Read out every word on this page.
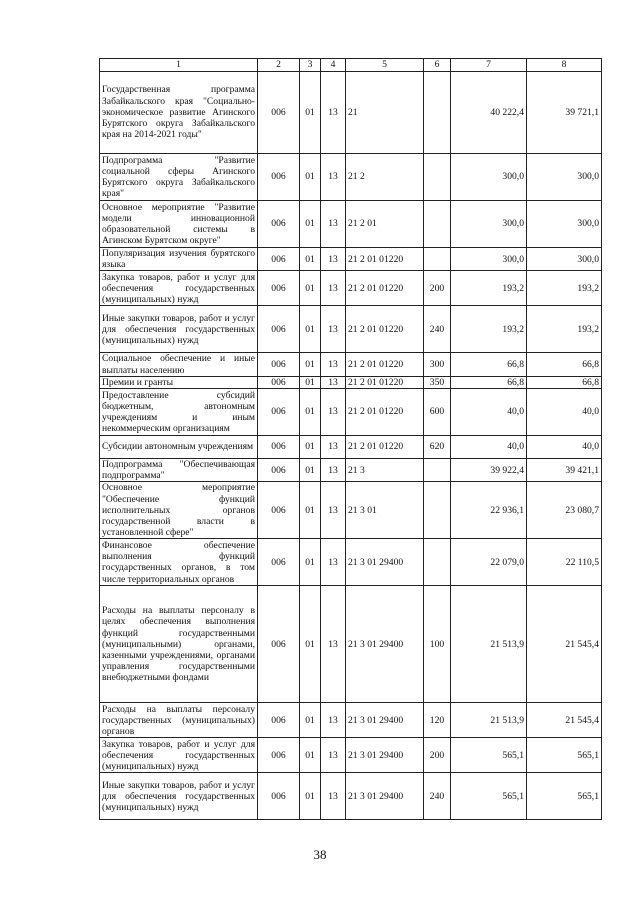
1	2	3	4	5	6	7	8
Государственная программа Забайкальского края "Социально-экономическое развитие Агинского Бурятского округа Забайкальского края на 2014-2021 годы"	006	01	13	21		40 222,4	39 721,1
Подпрограмма "Развитие социальной сферы Агинского Бурятского округа Забайкальского края"	006	01	13	21 2		300,0	300,0
Основное мероприятие "Развитие модели инновационной образовательной системы в Агинском Бурятском округе"	006	01	13	21 2 01		300,0	300,0
Популяризация изучения бурятского языка	006	01	13	21 2 01 01220		300,0	300,0
Закупка товаров, работ и услуг для обеспечения государственных (муниципальных) нужд	006	01	13	21 2 01 01220	200	193,2	193,2
Иные закупки товаров, работ и услуг для обеспечения государственных (муниципальных) нужд	006	01	13	21 2 01 01220	240	193,2	193,2
Социальное обеспечение и иные выплаты населению	006	01	13	21 2 01 01220	300	66,8	66,8
Премии и гранты	006	01	13	21 2 01 01220	350	66,8	66,8
Предоставление субсидий бюджетным, автономным учреждениям и иным некоммерческим организациям	006	01	13	21 2 01 01220	600	40,0	40,0
Субсидии автономным учреждениям	006	01	13	21 2 01 01220	620	40,0	40,0
Подпрограмма "Обеспечивающая подпрограмма"	006	01	13	21 3		39 922,4	39 421,1
Основное мероприятие "Обеспечение функций исполнительных органов государственной власти в установленной сфере"	006	01	13	21 3 01		22 936,1	23 080,7
Финансовое обеспечение выполнения функций государственных органов, в том числе территориальных органов	006	01	13	21 3 01 29400		22 079,0	22 110,5
Расходы на выплаты персоналу в целях обеспечения выполнения функций государственными (муниципальными) органами, казенными учреждениями, органами управления государственными внебюджетными фондами	006	01	13	21 3 01 29400	100	21 513,9	21 545,4
Расходы на выплаты персоналу государственных (муниципальных) органов	006	01	13	21 3 01 29400	120	21 513,9	21 545,4
Закупка товаров, работ и услуг для обеспечения государственных (муниципальных) нужд	006	01	13	21 3 01 29400	200	565,1	565,1
Иные закупки товаров, работ и услуг для обеспечения государственных (муниципальных) нужд	006	01	13	21 3 01 29400	240	565,1	565,1
38
